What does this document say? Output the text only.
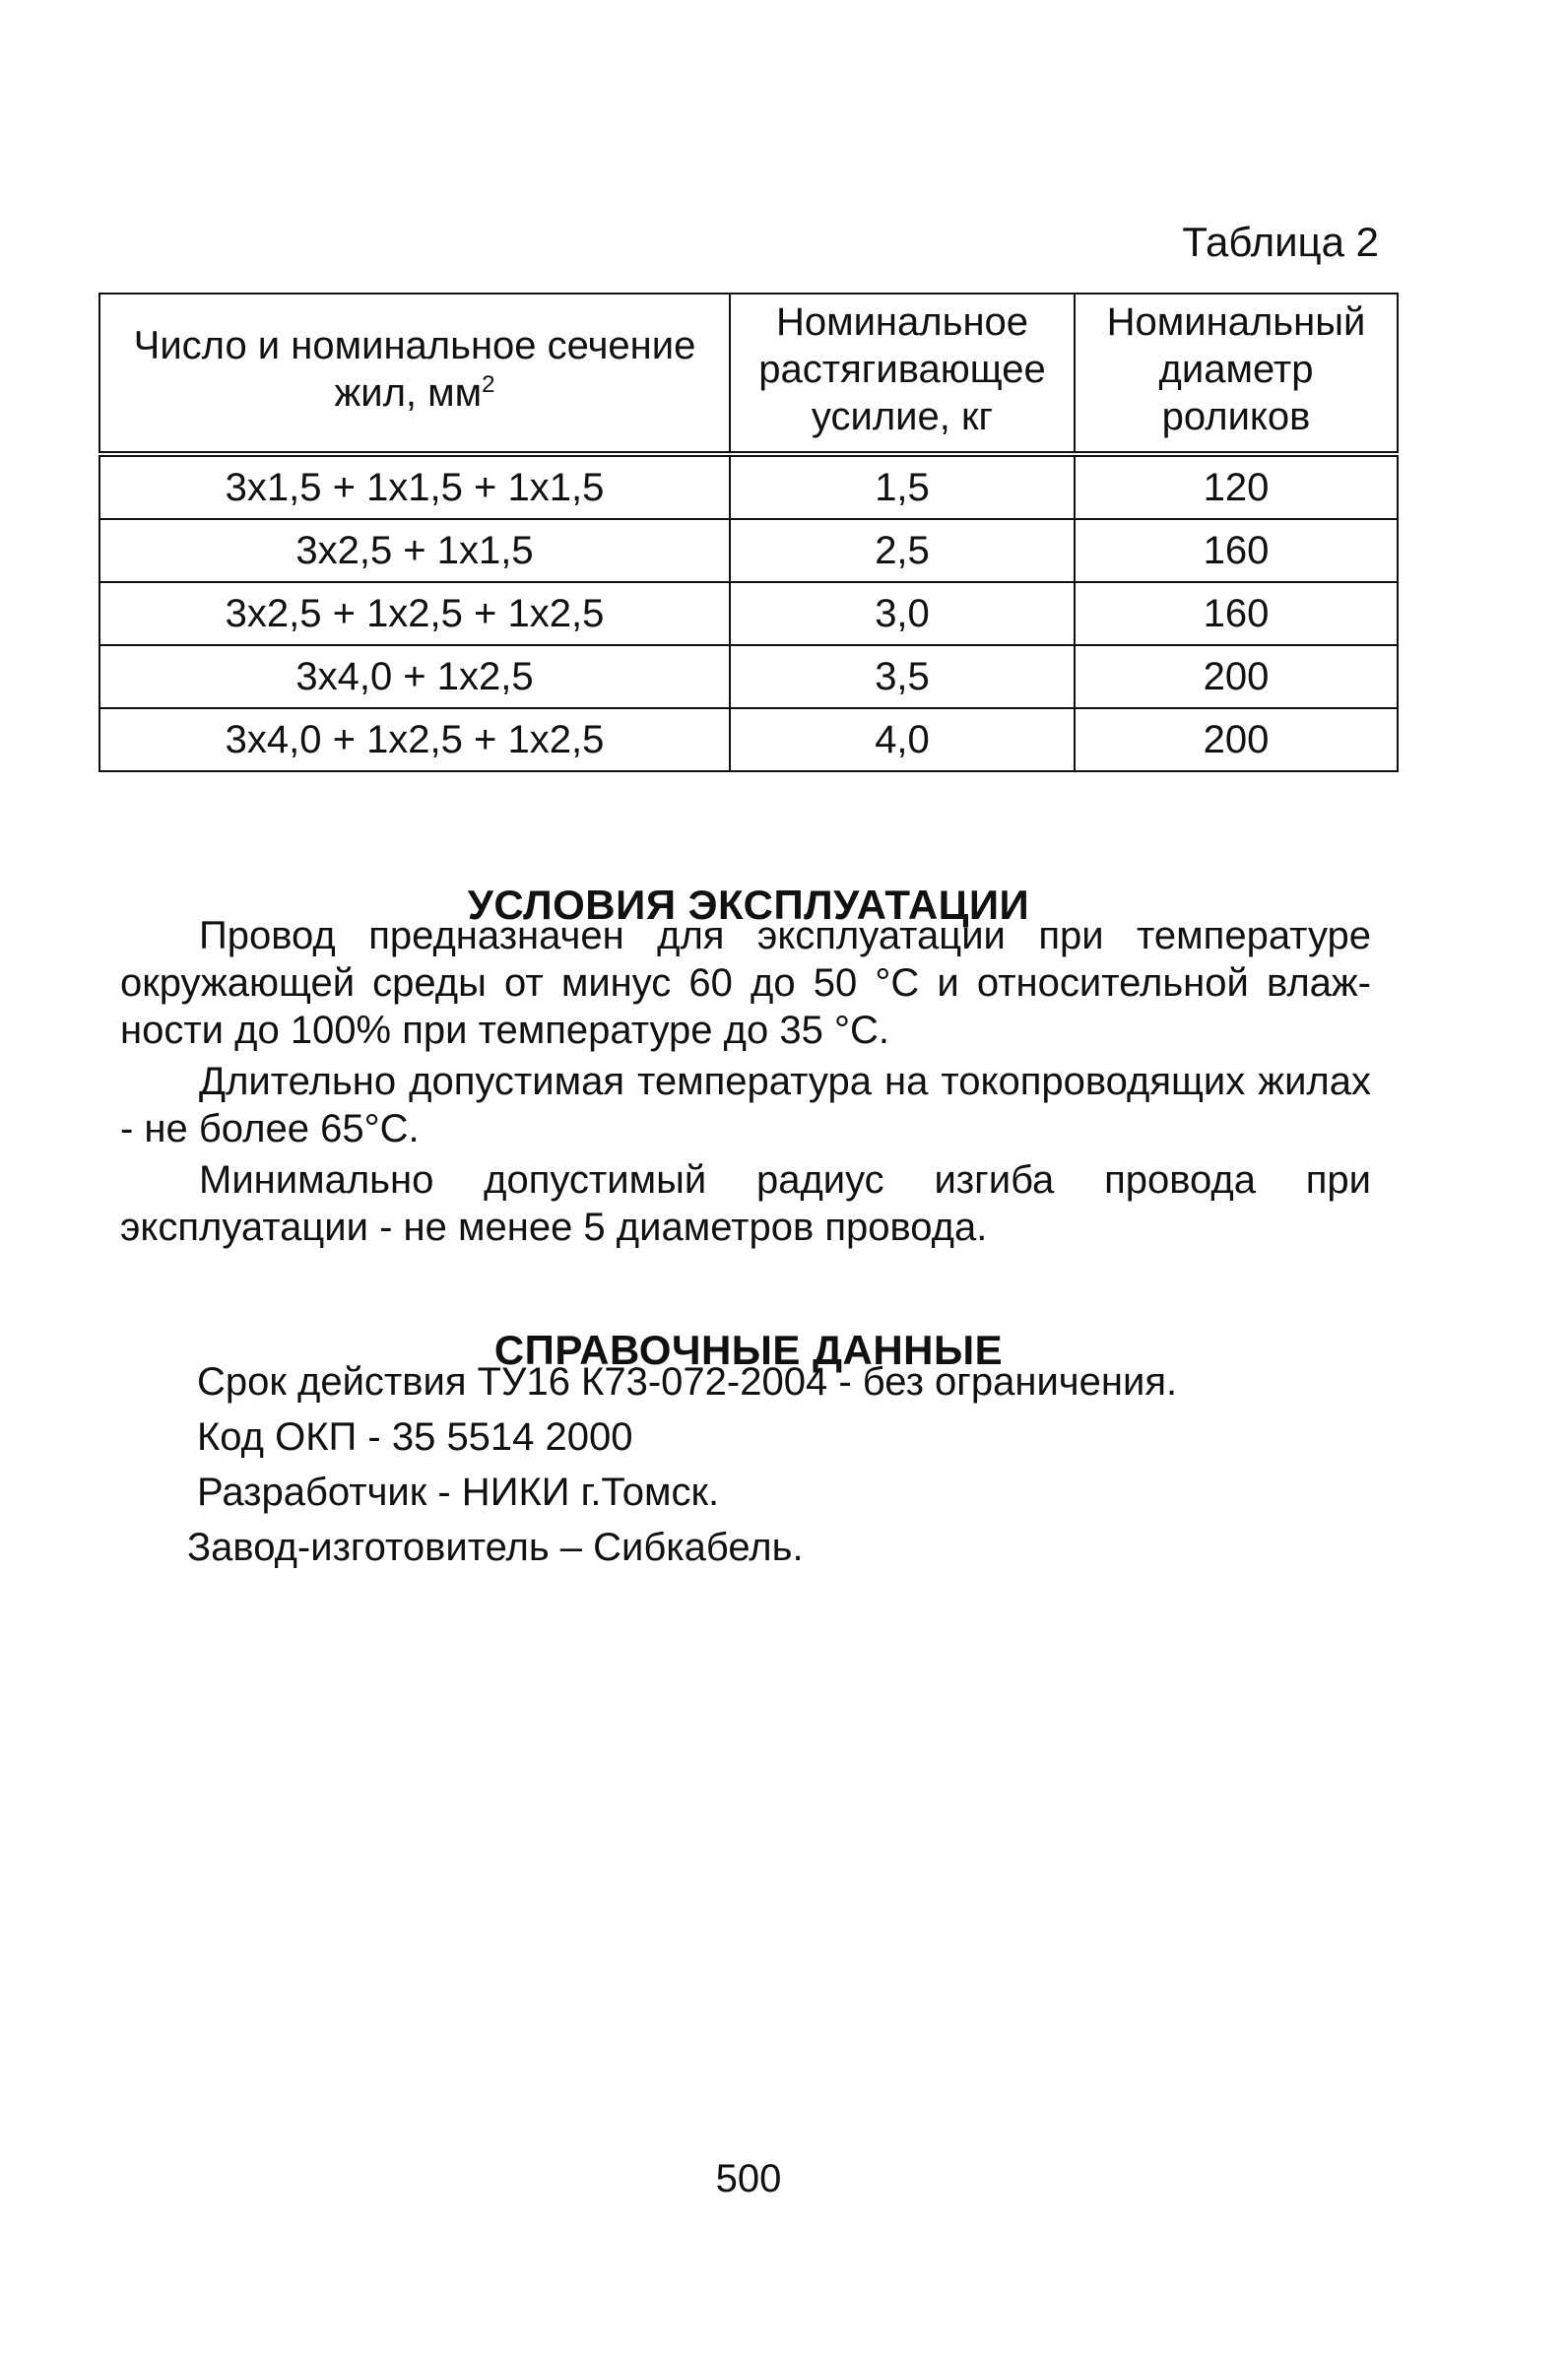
Таблица 2
Число и номинальное сечение жил, $мм^2$	Номинальное растягивающее усилие, кг	Номинальный диаметр роликов
3х1,5 + 1х1,5 + 1х1,5	1,5	120
3х2,5 + 1х1,5	2,5	160
3х2,5 + 1х2,5 + 1х2,5	3,0	160
3х4,0 + 1х2,5	3,5	200
3х4,0 + 1х2,5 + 1х2,5	4,0	200
УСЛОВИЯ ЭКСПЛУАТАЦИИ

Провод предназначен для эксплуатации при температуре окружающей среды от минус 60 до 50 °С и относительной влажности до 100% при температуре до 35 °С.

Длительно допустимая температура на токопроводящих жилах - не более 65°С.

Минимально допустимый радиус изгиба провода при эксплуатации - не менее 5 диаметров провода.

СПРАВОЧНЫЕ ДАННЫЕ

Срок действия ТУ16 К73-072-2004 - без ограничения.

Код ОКП - 35 5514 2000

Разработчик - НИКИ г.Томск.

Завод-изготовитель – Сибкабель.

500
